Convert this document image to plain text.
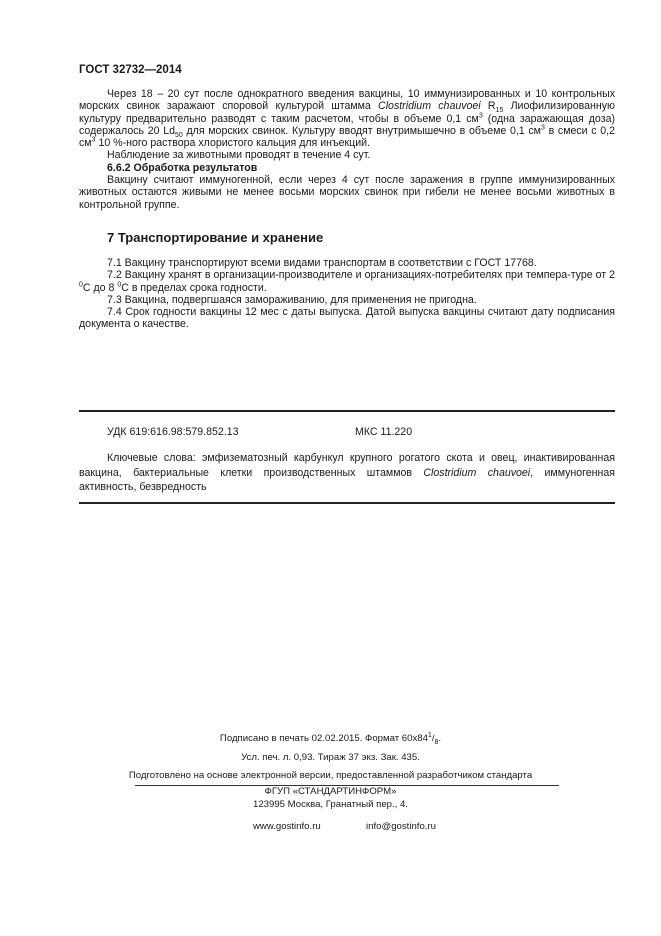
ГОСТ 32732—2014

Через 18 – 20 сут после однократного введения вакцины, 10 иммунизированных и 10 контрольных морских свинок заражают споровой культурой штамма Clostridium chauvoei $R_{15}$ Лиофилизированную культуру предварительно разводят с таким расчетом, чтобы в объеме 0,1 $см^3$ (одна заражающая доза) содержалось 20 $Ld_{50}$ для морских свинок. Культуру вводят внутримышечно в объеме 0,1 $см^3$ в смеси с 0,2 $см^3$ 10 %-ного раствора хлористого кальция для инъекций.

Наблюдение за животными проводят в течение 4 сут.

6.6.2 Обработка результатов

Вакцину считают иммуногенной, если через 4 сут после заражения в группе иммунизированных животных остаются живыми не менее восьми морских свинок при гибели не менее восьми животных в контрольной группе.

7 Транспортирование и хранение

7.1 Вакцину транспортируют всеми видами транспортам в соответствии с ГОСТ 17768.

7.2 Вакцину хранят в организации-производителе и организациях-потребителях при темпера-туре от 2 $^0$С до 8 $^0$С в пределах срока годности.

7.3 Вакцина, подвергшаяся замораживанию, для применения не пригодна.

7.4 Срок годности вакцины 12 мес с даты выпуска. Датой выпуска вакцины считают дату подписания документа о качестве.

УДК 619:616.98:579.852.13	МКС 11.220
Ключевые слова: эмфизематозный карбункул крупного рогатого скота и овец, инактивированная вакцина, бактериальные клетки производственных штаммов Clostridium chauvoei, иммуногенная активность, безвредность
Подписано в печать 02.02.2015. Формат $60х84^1/_8$.
Усл. печ. л. 0,93. Тираж 37 экз. Зак. 435.
Подготовлено на основе электронной версии, предоставленной разработчиком стандарта
ФГУП «СТАНДАРТИНФОРМ»
123995 Москва, Гранатный пер., 4.
www.gostinfo.ru	info@gostinfo.ru
